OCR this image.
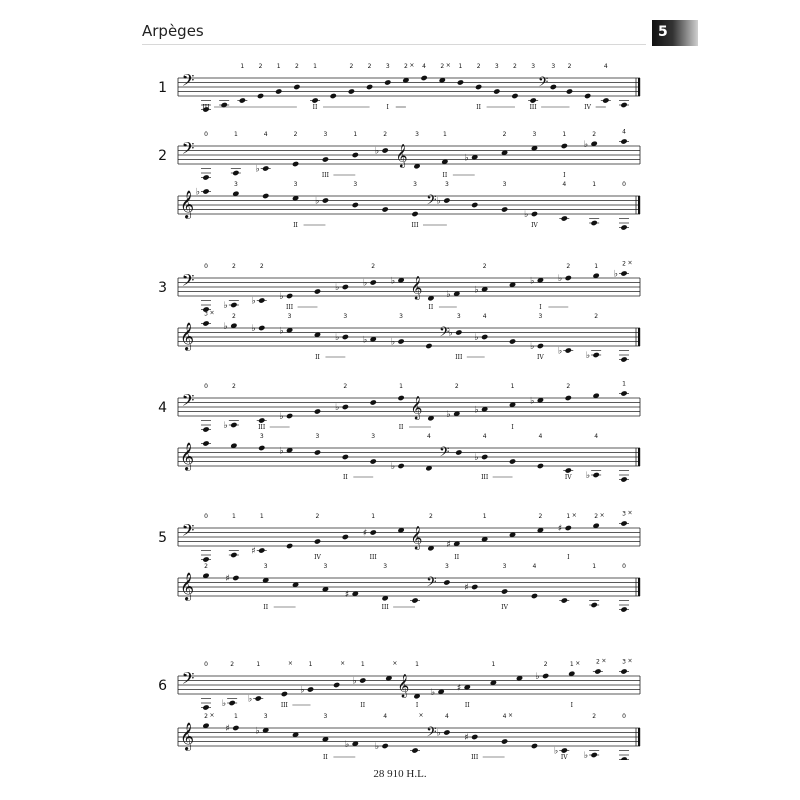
Arpèges	5
1 𝄢
1 2 1 2 1	2 2 3 2 × 4 2 × 1 2 3 2 3
𝄢
3 2	4
III	II	I	II	III	IV
2 𝄢
0	1
♭
4	2	3	1
♭
2
𝄞
3	1
♭
2	3	1
♭
2	4
III	II	I
𝄞 ♭
3	3
♭
3	3
𝄢 ♭
3	3
♭
4	1	0
II	III	IV
3 𝄢
0
♭
2
♭
2
♭
♭	♭
2
♭ 𝄞	♭	♭
2
♭	♭
2	1
♭
2 ×
III	II	I
𝄞
3 ×
♭
2
♭	♭
3
♭
3
♭	♭
3
𝄢 ♭
3
♭
4
♭
3
♭	♭
2
II	III	IV
4 𝄢
0
♭
2
♭
♭
2	1
𝄞	♭
2
♭
1
♭
2	1
III	II	I
𝄞
3
♭
3	3
♭
4
𝄢	♭
4	4
♭
4
II	III	IV
5 𝄢
0	1
♯
1	2
♯
1
𝄞
2
♯
1	2
♯
1 ×	2 ×	3 ×
IV	III	II	I
𝄞
2
♯
3	3
♯
3
𝄢
3
♯
3	4	1	0
II	III	IV
6 𝄢
0
♭
2
♭
1	×
♭
1	×
♭
1	×
𝄞
1
♭ ♯
1
♭
2	1 ×	2 ×	3 ×
III	II	I	II	I
𝄞
2 ×
♯
1
♭
3	3
♭	♭
4	×
𝄢 ♭
4
♯
4 ×
♭	♭
2	0
II	III	IV
28 910 H.L.
